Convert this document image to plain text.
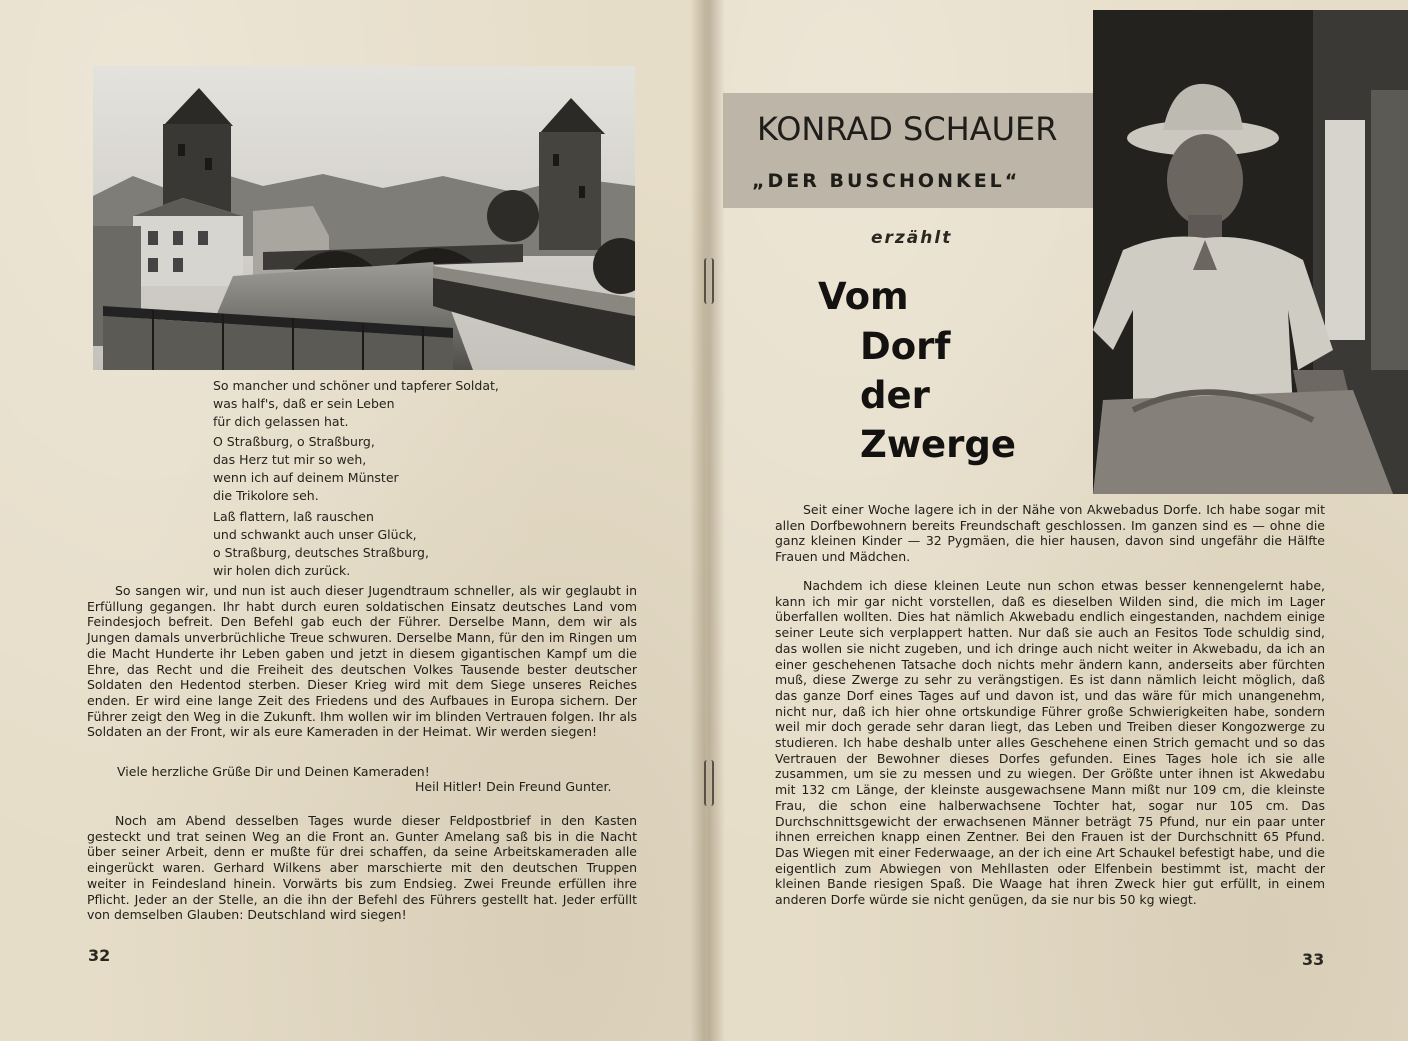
So mancher und schöner und tapferer Soldat,
was half's, daß er sein Leben
für dich gelassen hat.
O Straßburg, o Straßburg,
das Herz tut mir so weh,
wenn ich auf deinem Münster
die Trikolore seh.
Laß flattern, laß rauschen
und schwankt auch unser Glück,
o Straßburg, deutsches Straßburg,
wir holen dich zurück.

So sangen wir, und nun ist auch dieser Jugendtraum schneller, als wir geglaubt in Erfüllung gegangen. Ihr habt durch euren soldatischen Einsatz deutsches Land vom Feindesjoch befreit. Den Befehl gab euch der Führer. Derselbe Mann, dem wir als Jungen damals unverbrüchliche Treue schwuren. Derselbe Mann, für den im Ringen um die Macht Hunderte ihr Leben gaben und jetzt in diesem gigantischen Kampf um die Ehre, das Recht und die Freiheit des deutschen Volkes Tausende bester deutscher Soldaten den Hedentod sterben. Dieser Krieg wird mit dem Siege unseres Reiches enden. Er wird eine lange Zeit des Friedens und des Aufbaues in Europa sichern. Der Führer zeigt den Weg in die Zukunft. Ihm wollen wir im blinden Vertrauen folgen. Ihr als Soldaten an der Front, wir als eure Kameraden in der Heimat. Wir werden siegen!

Viele herzliche Grüße Dir und Deinen Kameraden!
Heil Hitler! Dein Freund Gunter.

Noch am Abend desselben Tages wurde dieser Feldpostbrief in den Kasten gesteckt und trat seinen Weg an die Front an. Gunter Amelang saß bis in die Nacht über seiner Arbeit, denn er mußte für drei schaffen, da seine Arbeitskameraden alle eingerückt waren. Gerhard Wilkens aber marschierte mit den deutschen Truppen weiter in Feindesland hinein. Vorwärts bis zum Endsieg. Zwei Freunde erfüllen ihre Pflicht. Jeder an der Stelle, an die ihn der Befehl des Führers gestellt hat. Jeder erfüllt von demselben Glauben: Deutschland wird siegen!

32
KONRAD SCHAUER
„DER BUSCHONKEL“
erzählt
Vom
Dorf
der
Zwerge

Seit einer Woche lagere ich in der Nähe von Akwebadus Dorfe. Ich habe sogar mit allen Dorfbewohnern bereits Freundschaft geschlossen. Im ganzen sind es — ohne die ganz kleinen Kinder — 32 Pygmäen, die hier hausen, davon sind ungefähr die Hälfte Frauen und Mädchen.

Nachdem ich diese kleinen Leute nun schon etwas besser kennengelernt habe, kann ich mir gar nicht vorstellen, daß es dieselben Wilden sind, die mich im Lager überfallen wollten. Dies hat nämlich Akwebadu endlich eingestanden, nachdem einige seiner Leute sich verplappert hatten. Nur daß sie auch an Fesitos Tode schuldig sind, das wollen sie nicht zugeben, und ich dringe auch nicht weiter in Akwebadu, da ich an einer geschehenen Tatsache doch nichts mehr ändern kann, anderseits aber fürchten muß, diese Zwerge zu sehr zu verängstigen. Es ist dann nämlich leicht möglich, daß das ganze Dorf eines Tages auf und davon ist, und das wäre für mich unangenehm, nicht nur, daß ich hier ohne ortskundige Führer große Schwierigkeiten habe, sondern weil mir doch gerade sehr daran liegt, das Leben und Treiben dieser Kongozwerge zu studieren. Ich habe deshalb unter alles Geschehene einen Strich gemacht und so das Vertrauen der Bewohner dieses Dorfes gefunden. Eines Tages hole ich sie alle zusammen, um sie zu messen und zu wiegen. Der Größte unter ihnen ist Akwedabu mit 132 cm Länge, der kleinste ausgewachsene Mann mißt nur 109 cm, die kleinste Frau, die schon eine halberwachsene Tochter hat, sogar nur 105 cm. Das Durchschnittsgewicht der erwachsenen Männer beträgt 75 Pfund, nur ein paar unter ihnen erreichen knapp einen Zentner. Bei den Frauen ist der Durchschnitt 65 Pfund. Das Wiegen mit einer Federwaage, an der ich eine Art Schaukel befestigt habe, und die eigentlich zum Abwiegen von Mehllasten oder Elfenbein bestimmt ist, macht der kleinen Bande riesigen Spaß. Die Waage hat ihren Zweck hier gut erfüllt, in einem anderen Dorfe würde sie nicht genügen, da sie nur bis 50 kg wiegt.

33
